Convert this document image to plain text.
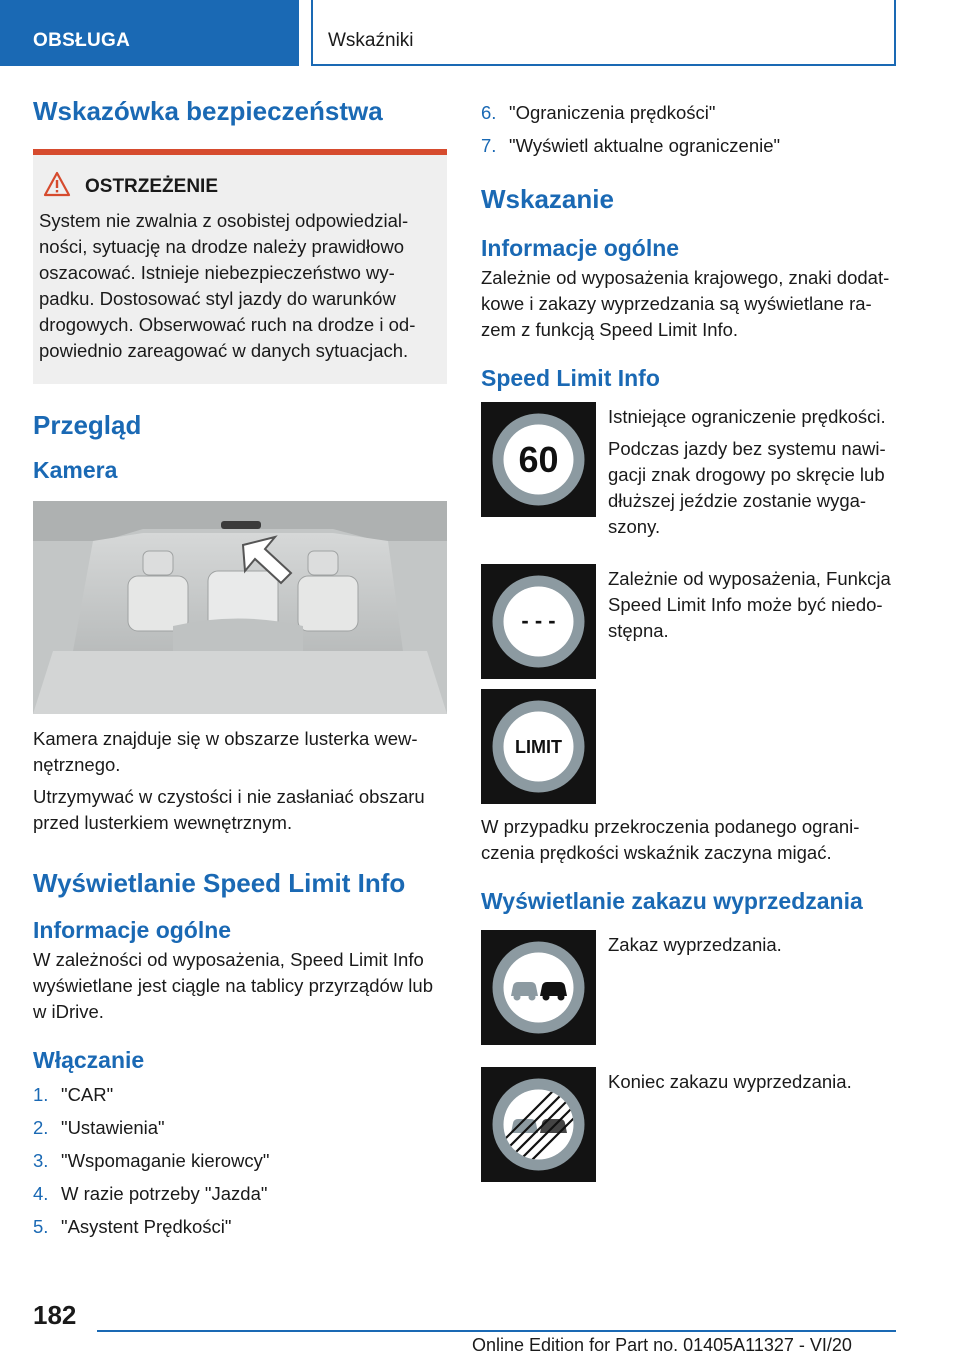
OBSŁUGA	Wskaźniki
Wskazówka bezpieczeństwa
OSTRZEŻENIE

System nie zwalnia z osobistej odpowiedzial-

ności, sytuację na drodze należy prawidłowo

oszacować. Istnieje niebezpieczeństwo wy-

padku. Dostosować styl jazdy do warunków

drogowych. Obserwować ruch na drodze i od-

powiednio zareagować w danych sytuacjach.

Przegląd
Kamera

Kamera znajduje się w obszarze lusterka wew-

nętrznego.

Utrzymywać w czystości i nie zasłaniać obszaru

przed lusterkiem wewnętrznym.

Wyświetlanie Speed Limit Info
Informacje ogólne

W zależności od wyposażenia, Speed Limit Info

wyświetlane jest ciągle na tablicy przyrządów lub

w iDrive.

Włączanie
1. "CAR"
2. "Ustawienia"
3. "Wspomaganie kierowcy"
4. W razie potrzeby "Jazda"
5. "Asystent Prędkości"
6. "Ograniczenia prędkości"
7. "Wyświetl aktualne ograniczenie"
Wskazanie
Informacje ogólne

Zależnie od wyposażenia krajowego, znaki dodat-

kowe i zakazy wyprzedzania są wyświetlane ra-

zem z funkcją Speed Limit Info.

Speed Limit Info
60

Istniejące ograniczenie prędkości.

Podczas jazdy bez systemu nawi-

gacji znak drogowy po skręcie lub

dłuższej jeździe zostanie wyga-

szony.

- - -

Zależnie od wyposażenia, Funkcja

Speed Limit Info może być niedo-

stępna.

LIMIT

W przypadku przekroczenia podanego ograni-

czenia prędkości wskaźnik zaczyna migać.

Wyświetlanie zakazu wyprzedzania

Zakaz wyprzedzania.

Koniec zakazu wyprzedzania.

182
Online Edition for Part no. 01405A11327 - VI/20
